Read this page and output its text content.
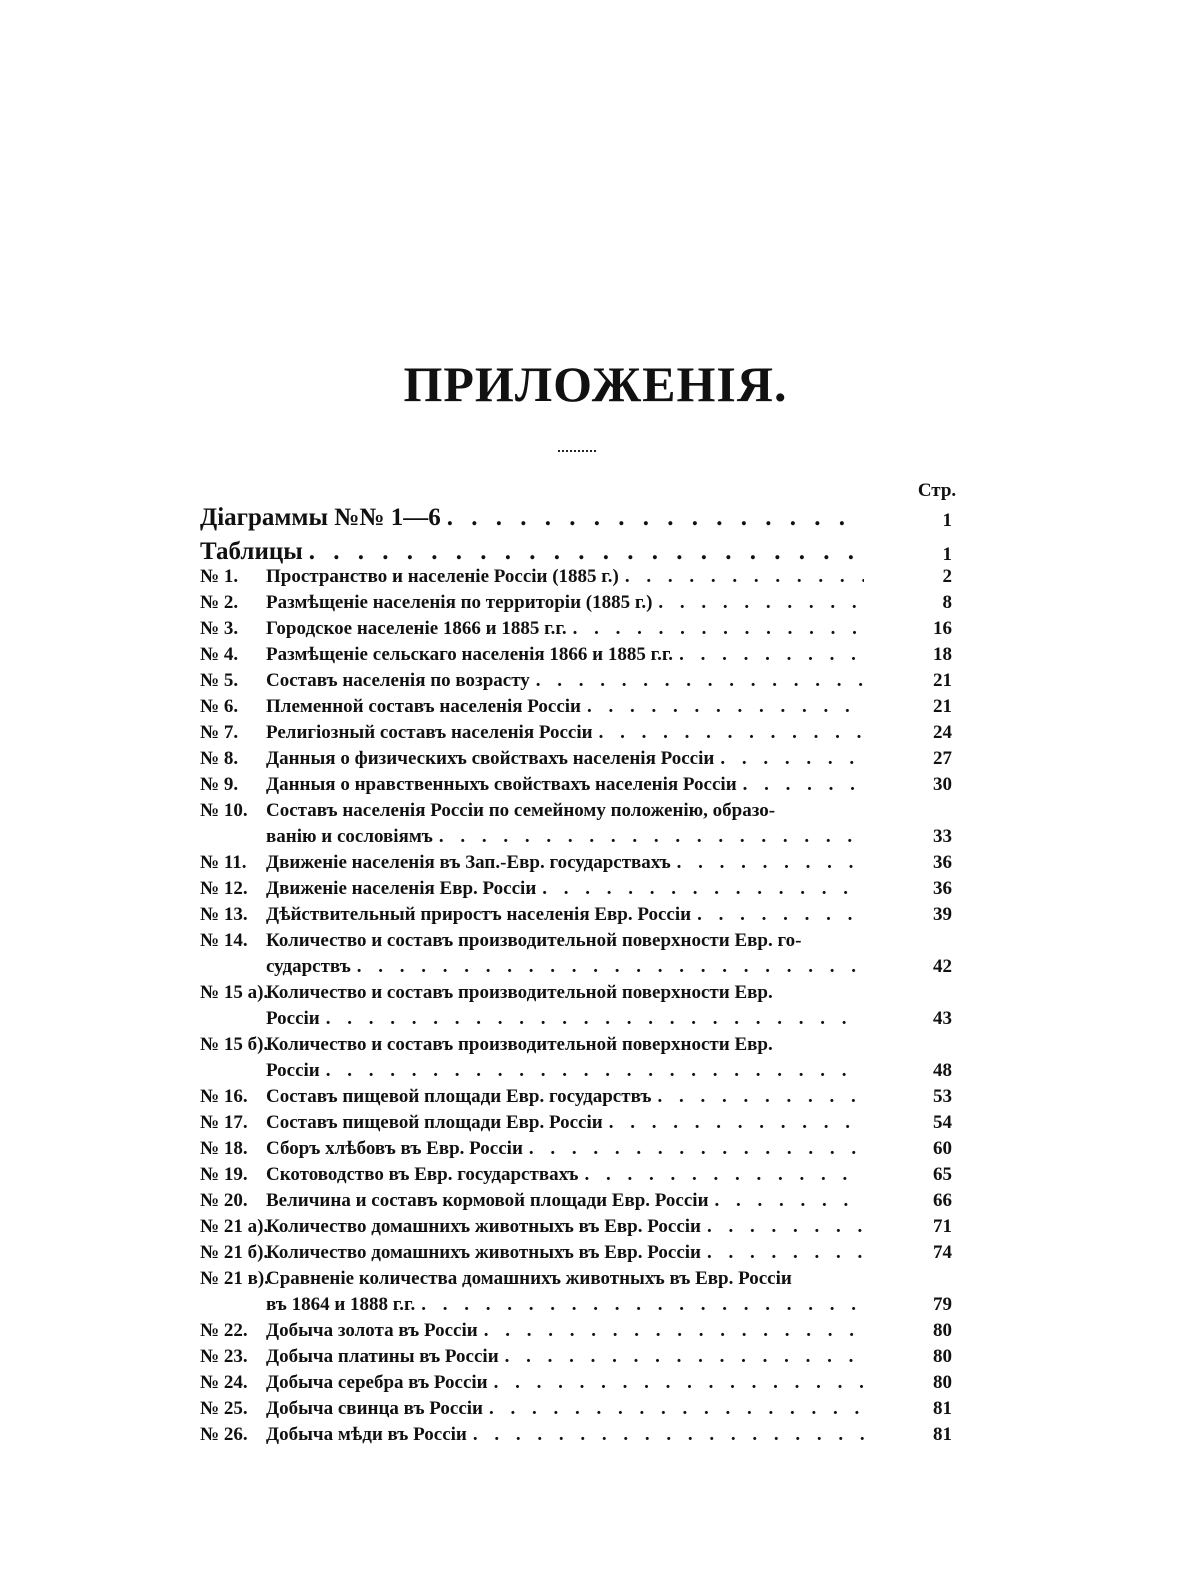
ПРИЛОЖЕНІЯ.
Стр.
Діаграммы №№ 1—6 . . .	1
Таблицы . . .	1
№ 1.	Пространство и населеніе Россіи (1885 г.) . . .	2
№ 2.	Размѣщеніе населенія по территоріи (1885 г.) . . .	8
№ 3.	Городское населеніе 1866 и 1885 г.г. . . .	16
№ 4.	Размѣщеніе сельскаго населенія 1866 и 1885 г.г. . . .	18
№ 5.	Составъ населенія по возрасту . . .	21
№ 6.	Племенной составъ населенія Россіи . . .	21
№ 7.	Религіозный составъ населенія Россіи . . .	24
№ 8.	Данныя о физическихъ свойствахъ населенія Россіи . . .	27
№ 9.	Данныя о нравственныхъ свойствахъ населенія Россіи . . .	30
№ 10. Составъ населенія Россіи по семейному положенію, образо-
ванію и сословіямъ . . .	33
№ 11.	Движеніе населенія въ Зап.-Евр. государствахъ . . .	36
№ 12. Движеніе населенія Евр. Россіи . . .	36
№ 13. Дѣйствительный приростъ населенія Евр. Россіи . . .	39
№ 14. Количество и составъ производительной поверхности Евр. го-
сударствъ . . .	42
№ 15 а).
Количество и составъ производительной поверхности Евр.
Россіи . . .	43
№ 15 б).
Количество и составъ производительной поверхности Евр.
Россіи . . .	48
№ 16. Составъ пищевой площади Евр. государствъ . . .	53
№ 17. Составъ пищевой площади Евр. Россіи . . .	54
№ 18. Сборъ хлѣбовъ въ Евр. Россіи . . .	60
№ 19. Скотоводство въ Евр. государствахъ . . .	65
№ 20. Величина и составъ кормовой площади Евр. Россіи . . .	66
№ 21 а).
Количество домашнихъ животныхъ въ Евр. Россіи . . .	71
№ 21 б).
Количество домашнихъ животныхъ въ Евр. Россіи . . .	74
№ 21 в).
Сравненіе количества домашнихъ животныхъ въ Евр. Россіи
въ 1864 и 1888 г.г. . . .	79
№ 22. Добыча золота въ Россіи . . .	80
№ 23. Добыча платины въ Россіи . . .	80
№ 24. Добыча серебра въ Россіи . . .	80
№ 25. Добыча свинца въ Россіи . . .	81
№ 26. Добыча мѣди въ Россіи . . .	81
